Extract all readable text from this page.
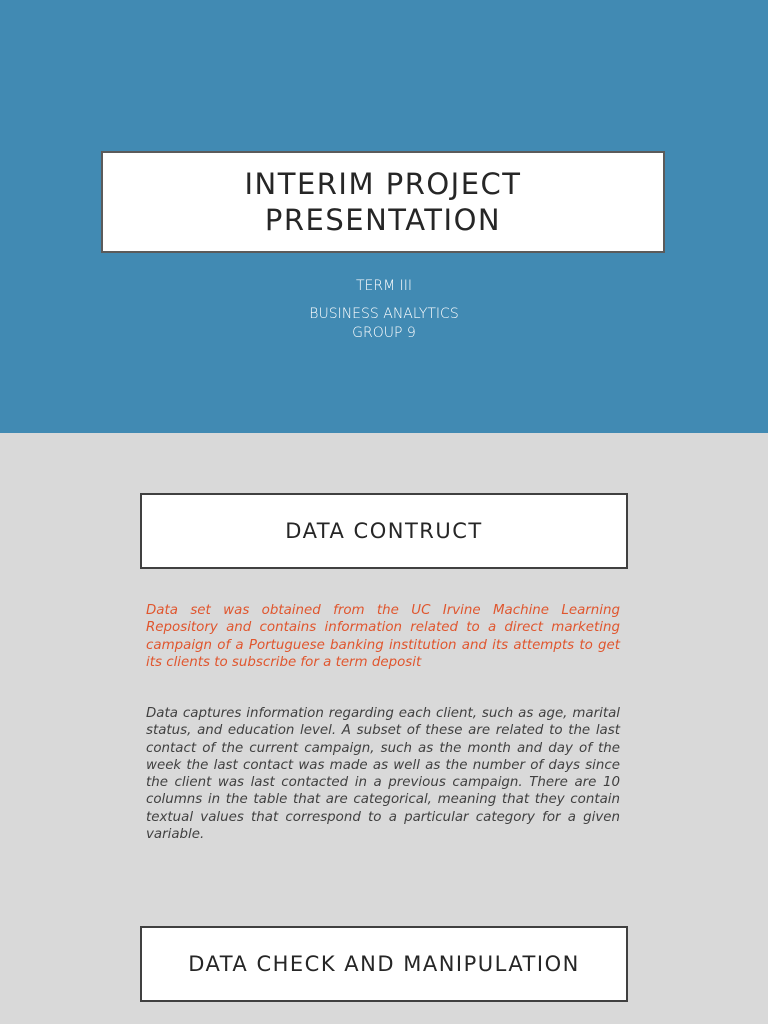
INTERIM PROJECT
PRESENTATION
TERM III
BUSINESS ANALYTICS
GROUP 9
DATA CONTRUCT

Data set was obtained from the UC Irvine Machine Learning Repository and contains information related to a direct marketing campaign of a Portuguese banking institution and its attempts to get its clients to subscribe for a term deposit

Data captures information regarding each client, such as age, marital status, and education level. A subset of these are related to the last contact of the current campaign, such as the month and day of the week the last contact was made as well as the number of days since the client was last contacted in a previous campaign. There are 10 columns in the table that are categorical, meaning that they contain textual values that correspond to a particular category for a given variable.

DATA CHECK AND MANIPULATION
